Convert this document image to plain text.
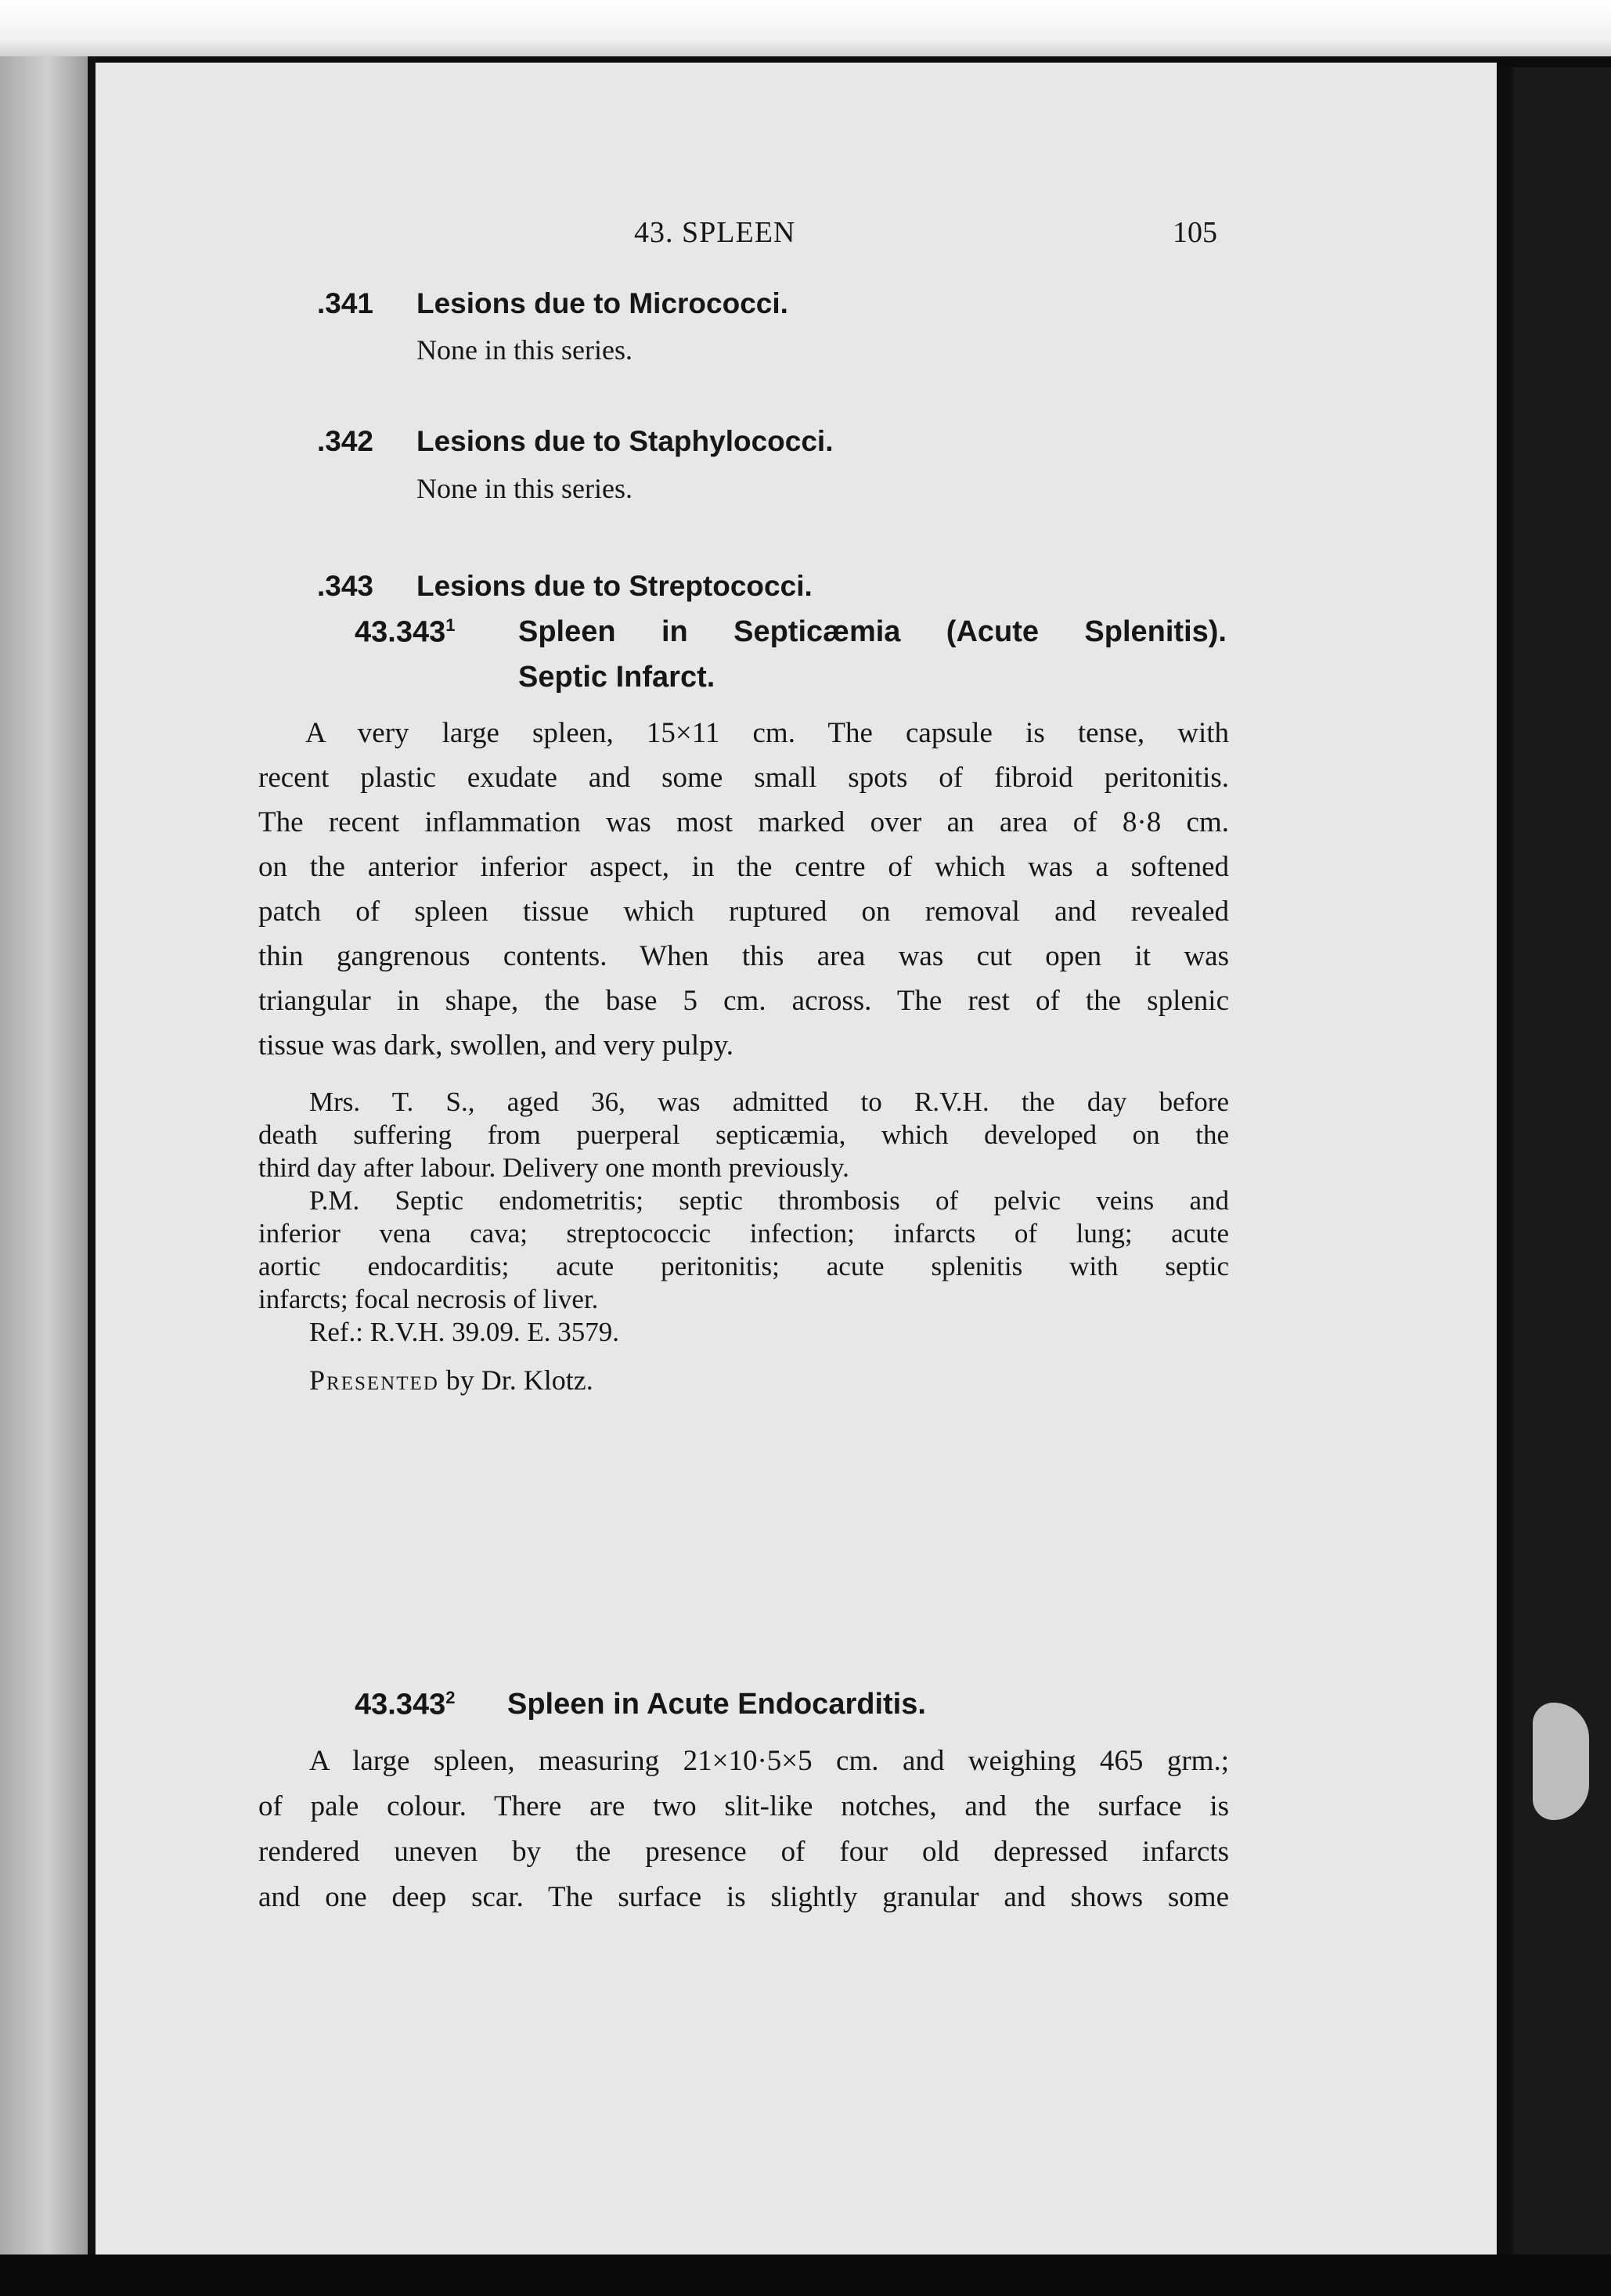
43. SPLEEN	105
.341 Lesions due to Micrococci.
None in this series.
.342 Lesions due to Staphylococci.
None in this series.
.343 Lesions due to Streptococci.
43.343$^1$ Spleen in Septicæmia (Acute Splenitis).
Septic Infarct.
A very large spleen, 15×11 cm. The capsule is tense, with
recent plastic exudate and some small spots of fibroid peritonitis.
The recent inflammation was most marked over an area of 8·8 cm.
on the anterior inferior aspect, in the centre of which was a softened
patch of spleen tissue which ruptured on removal and revealed
thin gangrenous contents. When this area was cut open it was
triangular in shape, the base 5 cm. across. The rest of the splenic
tissue was dark, swollen, and very pulpy.
Mrs. T. S., aged 36, was admitted to R.V.H. the day before
death suffering from puerperal septicæmia, which developed on the
third day after labour. Delivery one month previously.
P.M. Septic endometritis; septic thrombosis of pelvic veins and
inferior vena cava; streptococcic infection; infarcts of lung; acute
aortic endocarditis; acute peritonitis; acute splenitis with septic
infarcts; focal necrosis of liver.
Ref.: R.V.H. 39.09. E. 3579.
Presented by Dr. Klotz.
43.343$^2$ Spleen in Acute Endocarditis.
A large spleen, measuring 21×10·5×5 cm. and weighing 465 grm.;
of pale colour. There are two slit-like notches, and the surface is
rendered uneven by the presence of four old depressed infarcts
and one deep scar. The surface is slightly granular and shows some
